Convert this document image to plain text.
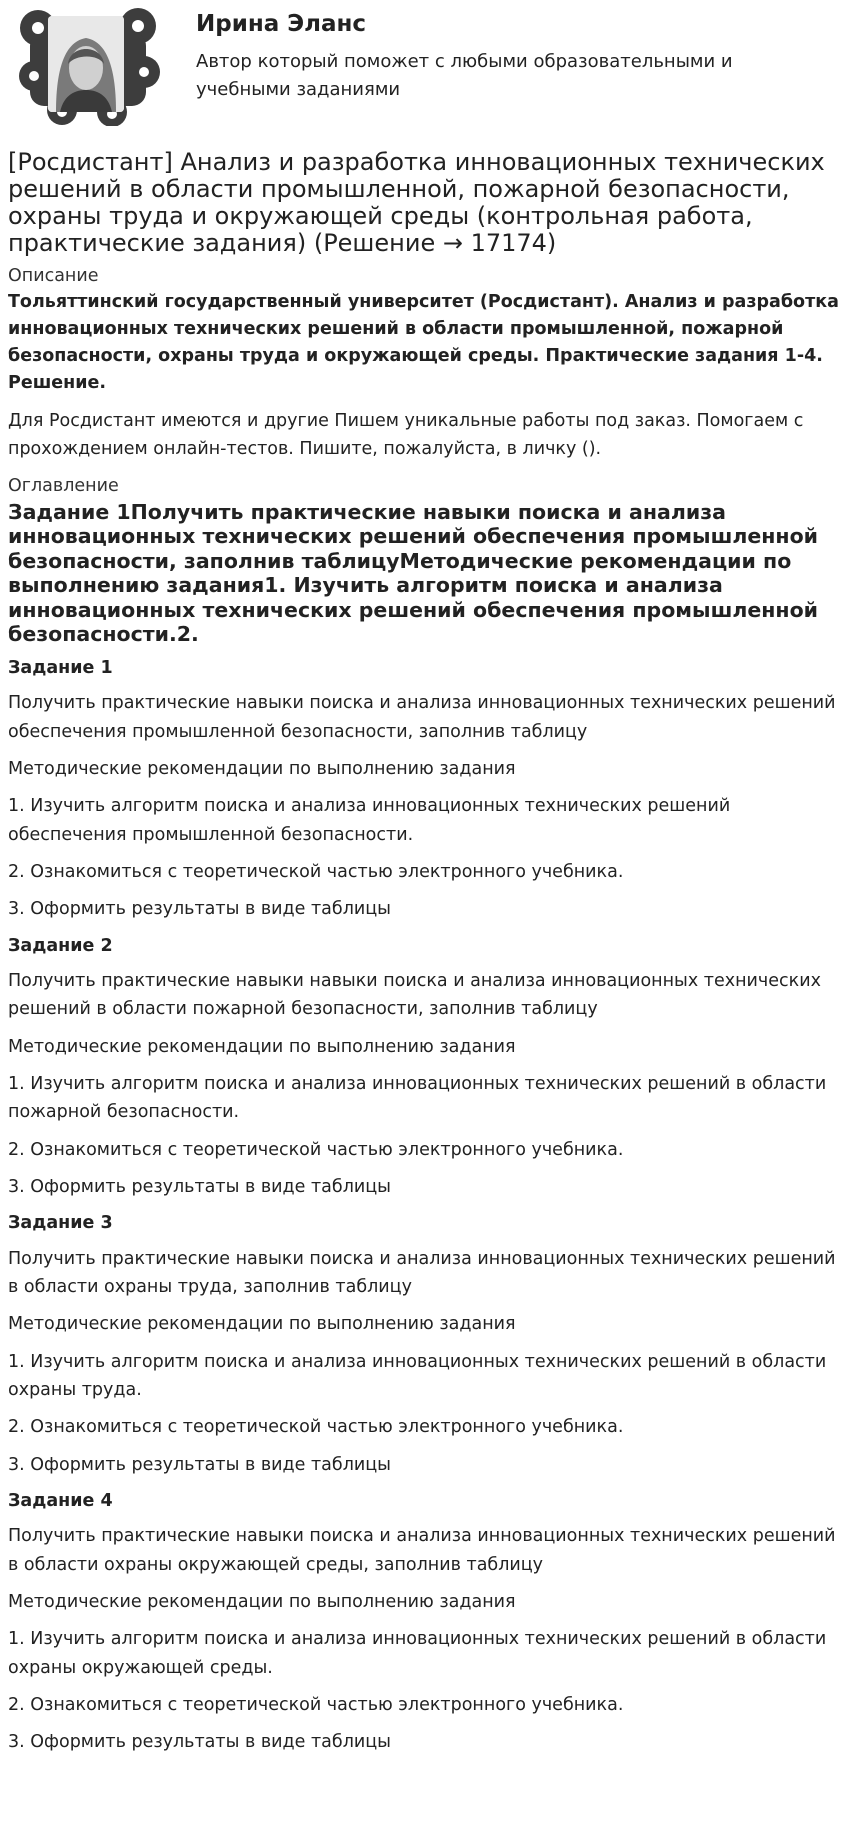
Ирина Эланс
Автор который поможет с любыми образовательными и учебными заданиями
[Росдистант] Анализ и разработка инновационных технических решений в области промышленной, пожарной безопасности, охраны труда и окружающей среды (контрольная работа, практические задания) (Решение → 17174)
Описание

Тольяттинский государственный университет (Росдистант). Анализ и разработка инновационных технических решений в области промышленной, пожарной безопасности, охраны труда и окружающей среды. Практические задания 1-4. Решение.

Для Росдистант имеются и другие Пишем уникальные работы под заказ. Помогаем с прохождением онлайн-тестов. Пишите, пожалуйста, в личку ().

Оглавление

Задание 1Получить практические навыки поиска и анализа инновационных технических решений обеспечения промышленной безопасности, заполнив таблицуМетодические рекомендации по выполнению задания1. Изучить алгоритм поиска и анализа инновационных технических решений обеспечения промышленной безопасности.2.

Задание 1

Получить практические навыки поиска и анализа инновационных технических решений обеспечения промышленной безопасности, заполнив таблицу

Методические рекомендации по выполнению задания

1. Изучить алгоритм поиска и анализа инновационных технических решений обеспечения промышленной безопасности.

2. Ознакомиться с теоретической частью электронного учебника.

3. Оформить результаты в виде таблицы

Задание 2

Получить практические навыки навыки поиска и анализа инновационных технических решений в области пожарной безопасности, заполнив таблицу

Методические рекомендации по выполнению задания

1. Изучить алгоритм поиска и анализа инновационных технических решений в области пожарной безопасности.

2. Ознакомиться с теоретической частью электронного учебника.

3. Оформить результаты в виде таблицы

Задание 3

Получить практические навыки поиска и анализа инновационных технических решений в области охраны труда, заполнив таблицу

Методические рекомендации по выполнению задания

1. Изучить алгоритм поиска и анализа инновационных технических решений в области охраны труда.

2. Ознакомиться с теоретической частью электронного учебника.

3. Оформить результаты в виде таблицы

Задание 4

Получить практические навыки поиска и анализа инновационных технических решений в области охраны окружающей среды, заполнив таблицу

Методические рекомендации по выполнению задания

1. Изучить алгоритм поиска и анализа инновационных технических решений в области охраны окружающей среды.

2. Ознакомиться с теоретической частью электронного учебника.

3. Оформить результаты в виде таблицы
